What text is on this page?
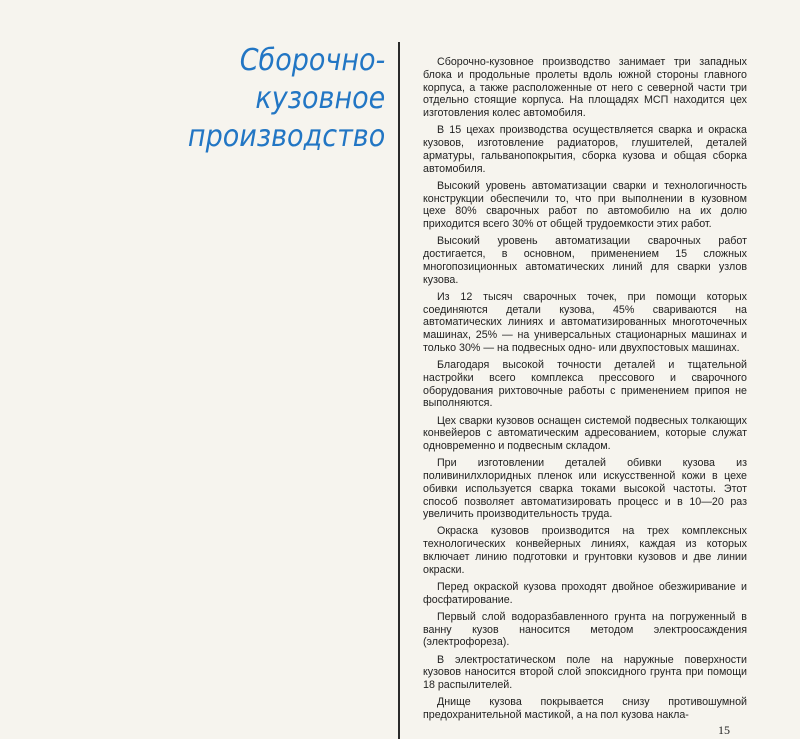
Сборочно-
кузовное
производство

Сборочно-кузовное производство занимает три западных блока и продольные пролеты вдоль южной стороны главного корпуса, а также расположенные от него с северной части три отдельно стоящие корпуса. На площадях МСП находится цех изготовления колес автомобиля.

В 15 цехах производства осуществляется сварка и окраска кузовов, изготовление радиаторов, глушителей, деталей арматуры, гальванопокрытия, сборка кузова и общая сборка автомобиля.

Высокий уровень автоматизации сварки и технологичность конструкции обеспечили то, что при выполнении в кузовном цехе 80% сварочных работ по автомобилю на их долю приходится всего 30% от общей трудоемкости этих работ.

Высокий уровень автоматизации сварочных работ достигается, в основном, применением 15 сложных многопозиционных автоматических линий для сварки узлов кузова.

Из 12 тысяч сварочных точек, при помощи которых соединяются детали кузова, 45% свариваются на автоматических линиях и автоматизированных многоточечных машинах, 25% — на универсальных стационарных машинах и только 30% — на подвесных одно- или двухпостовых машинах.

Благодаря высокой точности деталей и тщательной настройки всего комплекса прессового и сварочного оборудования рихтовочные работы с применением припоя не выполняются.

Цех сварки кузовов оснащен системой подвесных толкающих конвейеров с автоматическим адресованием, которые служат одновременно и подвесным складом.

При изготовлении деталей обивки кузова из поливинилхлоридных пленок или искусственной кожи в цехе обивки используется сварка токами высокой частоты. Этот способ позволяет автоматизировать процесс и в 10—20 раз увеличить производительность труда.

Окраска кузовов производится на трех комплексных технологических конвейерных линиях, каждая из которых включает линию подготовки и грунтовки кузовов и две линии окраски.

Перед окраской кузова проходят двойное обезжиривание и фосфатирование.

Первый слой водоразбавленного грунта на погруженный в ванну кузов наносится методом электроосаждения (электрофореза).

В электростатическом поле на наружные поверхности кузовов наносится второй слой эпоксидного грунта при помощи 18 распылителей.

Днище кузова покрывается снизу противошумной предохранительной мастикой, а на пол кузова накла-

15
